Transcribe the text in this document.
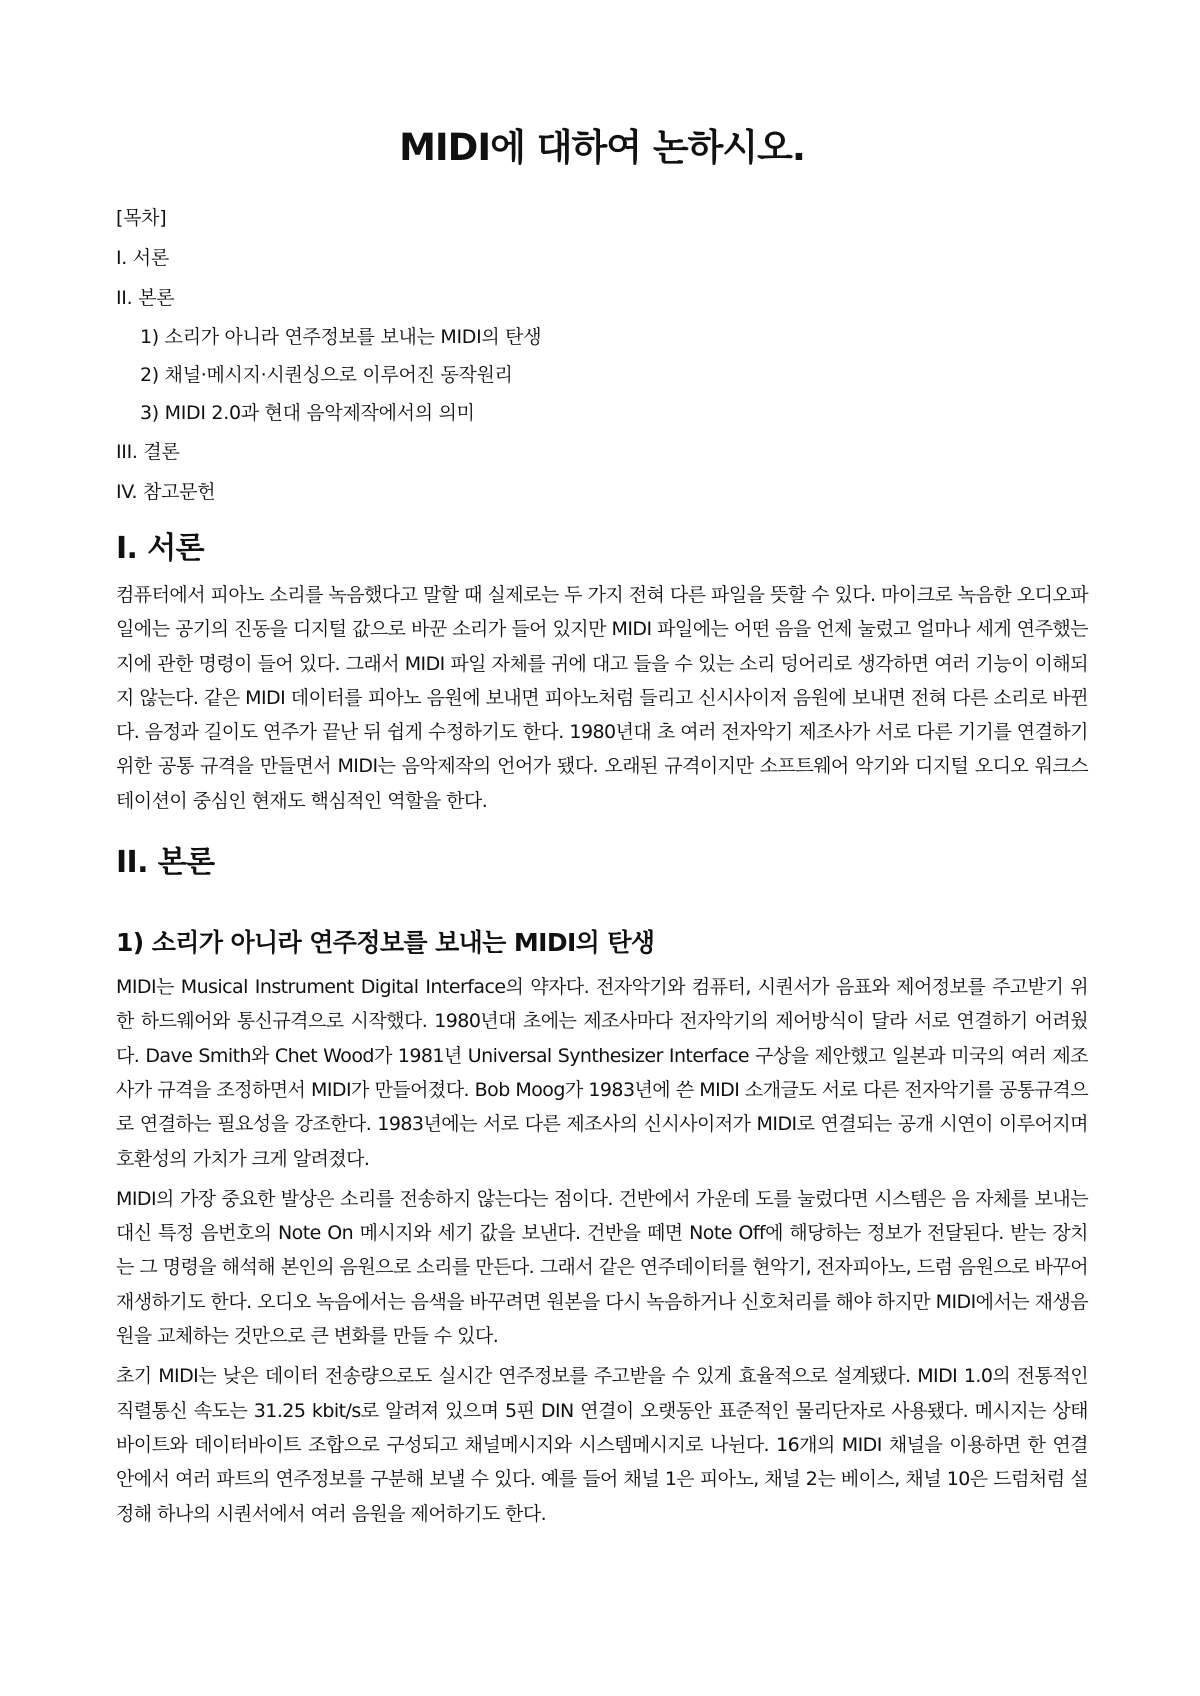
MIDI에 대하여 논하시오.
[목차]
I. 서론
II. 본론
1) 소리가 아니라 연주정보를 보내는 MIDI의 탄생
2) 채널·메시지·시퀀싱으로 이루어진 동작원리
3) MIDI 2.0과 현대 음악제작에서의 의미
III. 결론
IV. 참고문헌
I. 서론

컴퓨터에서 피아노 소리를 녹음했다고 말할 때 실제로는 두 가지 전혀 다른 파일을 뜻할 수 있다. 마이크로 녹음한 오디오파일에는 공기의 진동을 디지털 값으로 바꾼 소리가 들어 있지만 MIDI 파일에는 어떤 음을 언제 눌렀고 얼마나 세게 연주했는지에 관한 명령이 들어 있다. 그래서 MIDI 파일 자체를 귀에 대고 들을 수 있는 소리 덩어리로 생각하면 여러 기능이 이해되지 않는다. 같은 MIDI 데이터를 피아노 음원에 보내면 피아노처럼 들리고 신시사이저 음원에 보내면 전혀 다른 소리로 바뀐다. 음정과 길이도 연주가 끝난 뒤 쉽게 수정하기도 한다. 1980년대 초 여러 전자악기 제조사가 서로 다른 기기를 연결하기 위한 공통 규격을 만들면서 MIDI는 음악제작의 언어가 됐다. 오래된 규격이지만 소프트웨어 악기와 디지털 오디오 워크스테이션이 중심인 현재도 핵심적인 역할을 한다.

II. 본론
1) 소리가 아니라 연주정보를 보내는 MIDI의 탄생

MIDI는 Musical Instrument Digital Interface의 약자다. 전자악기와 컴퓨터, 시퀀서가 음표와 제어정보를 주고받기 위한 하드웨어와 통신규격으로 시작했다. 1980년대 초에는 제조사마다 전자악기의 제어방식이 달라 서로 연결하기 어려웠다. Dave Smith와 Chet Wood가 1981년 Universal Synthesizer Interface 구상을 제안했고 일본과 미국의 여러 제조사가 규격을 조정하면서 MIDI가 만들어졌다. Bob Moog가 1983년에 쓴 MIDI 소개글도 서로 다른 전자악기를 공통규격으로 연결하는 필요성을 강조한다. 1983년에는 서로 다른 제조사의 신시사이저가 MIDI로 연결되는 공개 시연이 이루어지며 호환성의 가치가 크게 알려졌다.

MIDI의 가장 중요한 발상은 소리를 전송하지 않는다는 점이다. 건반에서 가운데 도를 눌렀다면 시스템은 음 자체를 보내는 대신 특정 음번호의 Note On 메시지와 세기 값을 보낸다. 건반을 떼면 Note Off에 해당하는 정보가 전달된다. 받는 장치는 그 명령을 해석해 본인의 음원으로 소리를 만든다. 그래서 같은 연주데이터를 현악기, 전자피아노, 드럼 음원으로 바꾸어 재생하기도 한다. 오디오 녹음에서는 음색을 바꾸려면 원본을 다시 녹음하거나 신호처리를 해야 하지만 MIDI에서는 재생음원을 교체하는 것만으로 큰 변화를 만들 수 있다.

초기 MIDI는 낮은 데이터 전송량으로도 실시간 연주정보를 주고받을 수 있게 효율적으로 설계됐다. MIDI 1.0의 전통적인 직렬통신 속도는 31.25 kbit/s로 알려져 있으며 5핀 DIN 연결이 오랫동안 표준적인 물리단자로 사용됐다. 메시지는 상태바이트와 데이터바이트 조합으로 구성되고 채널메시지와 시스템메시지로 나뉜다. 16개의 MIDI 채널을 이용하면 한 연결 안에서 여러 파트의 연주정보를 구분해 보낼 수 있다. 예를 들어 채널 1은 피아노, 채널 2는 베이스, 채널 10은 드럼처럼 설정해 하나의 시퀀서에서 여러 음원을 제어하기도 한다.
